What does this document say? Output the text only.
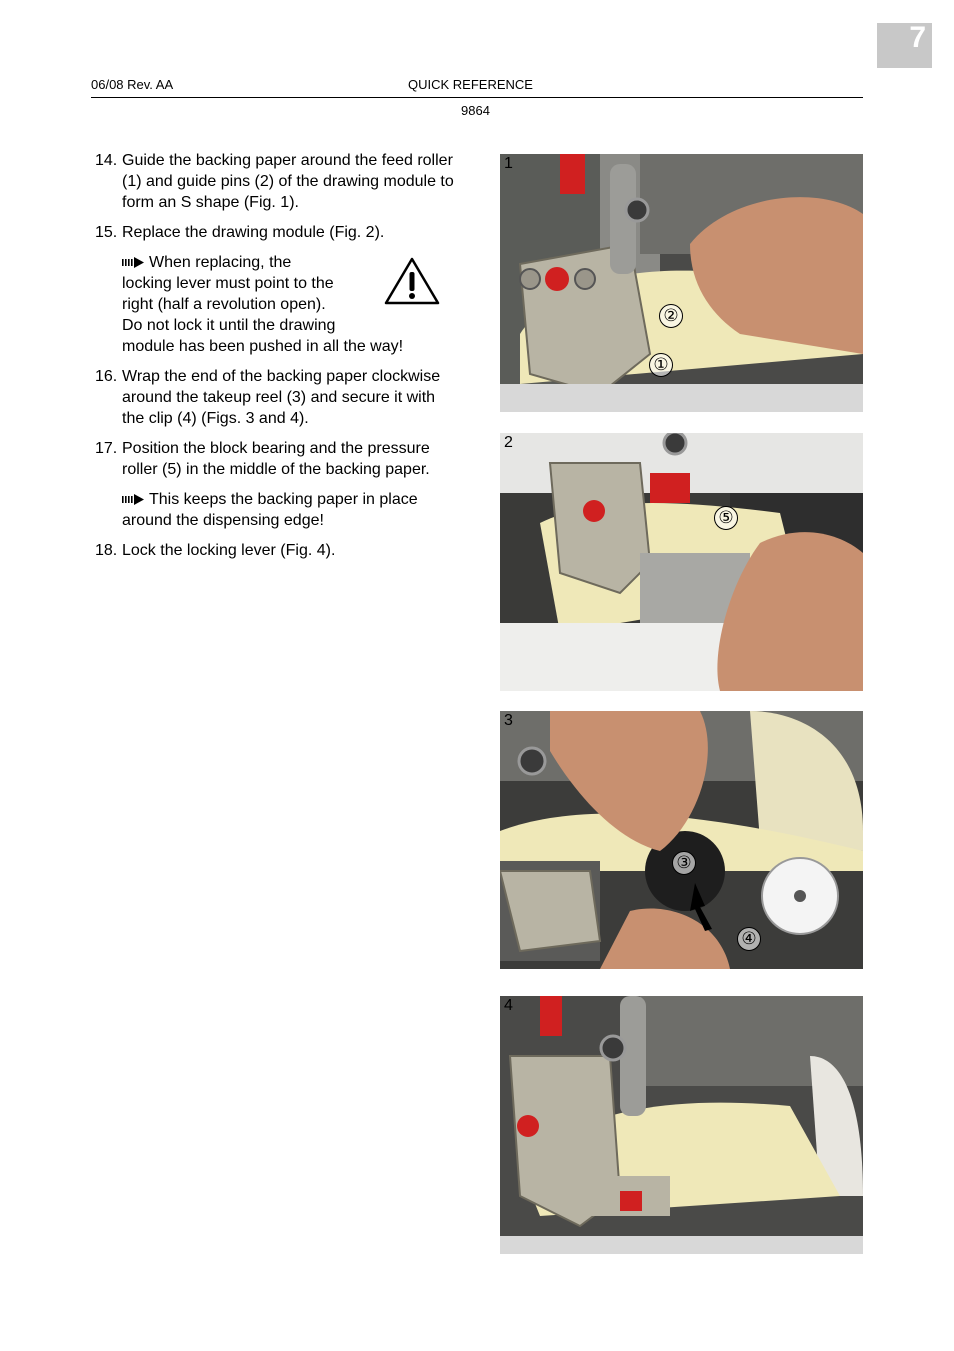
7
06/08 Rev. AA	QUICK REFERENCE
9864
14. Guide the backing paper around the feed roller (1) and guide pins (2) of the drawing module to form an S shape (Fig. 1).
15. Replace the drawing module (Fig. 2).
When replacing, the
locking lever must point to the
right (half a revolution open).
Do not lock it until the drawing
module has been pushed in all the way!
16. Wrap the end of the backing paper clockwise around the takeup reel (3) and secure it with the clip (4) (Figs. 3 and 4).
17. Position the block bearing and the pressure roller (5) in the middle of the backing paper.
This keeps the backing paper in place around the dispensing edge!
18. Lock the locking lever (Fig. 4).
1
②
①
2
⑤
3
③
④
4
